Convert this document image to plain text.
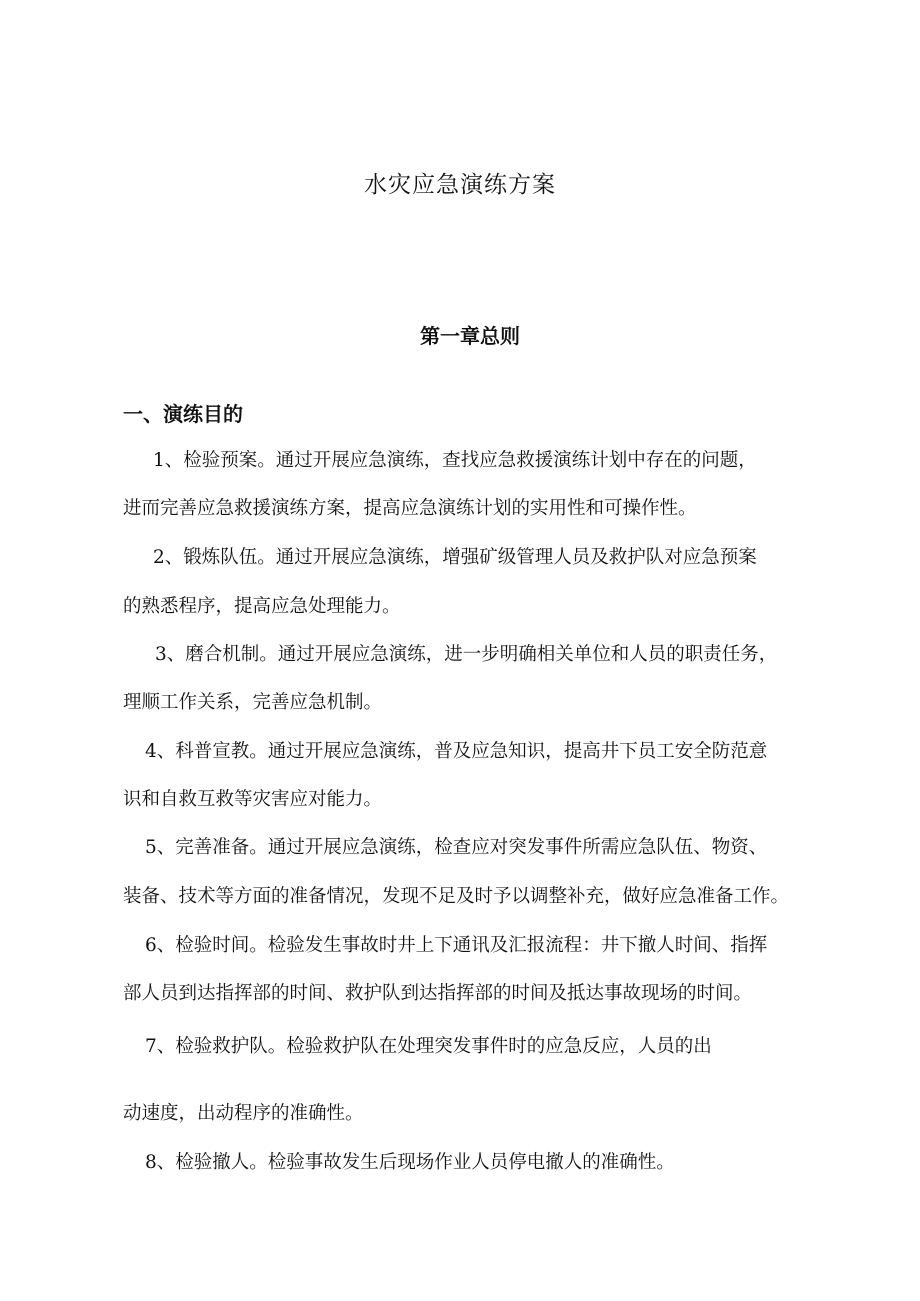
水灾应急演练方案
第一章总则
一、演练目的
1、检验预案。通过开展应急演练，查找应急救援演练计划中存在的问题，
进而完善应急救援演练方案，提高应急演练计划的实用性和可操作性。
2、锻炼队伍。通过开展应急演练，增强矿级管理人员及救护队对应急预案
的熟悉程序，提高应急处理能力。
3、磨合机制。通过开展应急演练，进一步明确相关单位和人员的职责任务，
理顺工作关系，完善应急机制。
4、科普宣教。通过开展应急演练，普及应急知识，提高井下员工安全防范意
识和自救互救等灾害应对能力。
5、完善准备。通过开展应急演练，检查应对突发事件所需应急队伍、物资、
装备、技术等方面的准备情况，发现不足及时予以调整补充，做好应急准备工作。
6、检验时间。检验发生事故时井上下通讯及汇报流程：井下撤人时间、指挥
部人员到达指挥部的时间、救护队到达指挥部的时间及抵达事故现场的时间。
7、检验救护队。检验救护队在处理突发事件时的应急反应，人员的出
动速度，出动程序的准确性。
8、检验撤人。检验事故发生后现场作业人员停电撤人的准确性。
